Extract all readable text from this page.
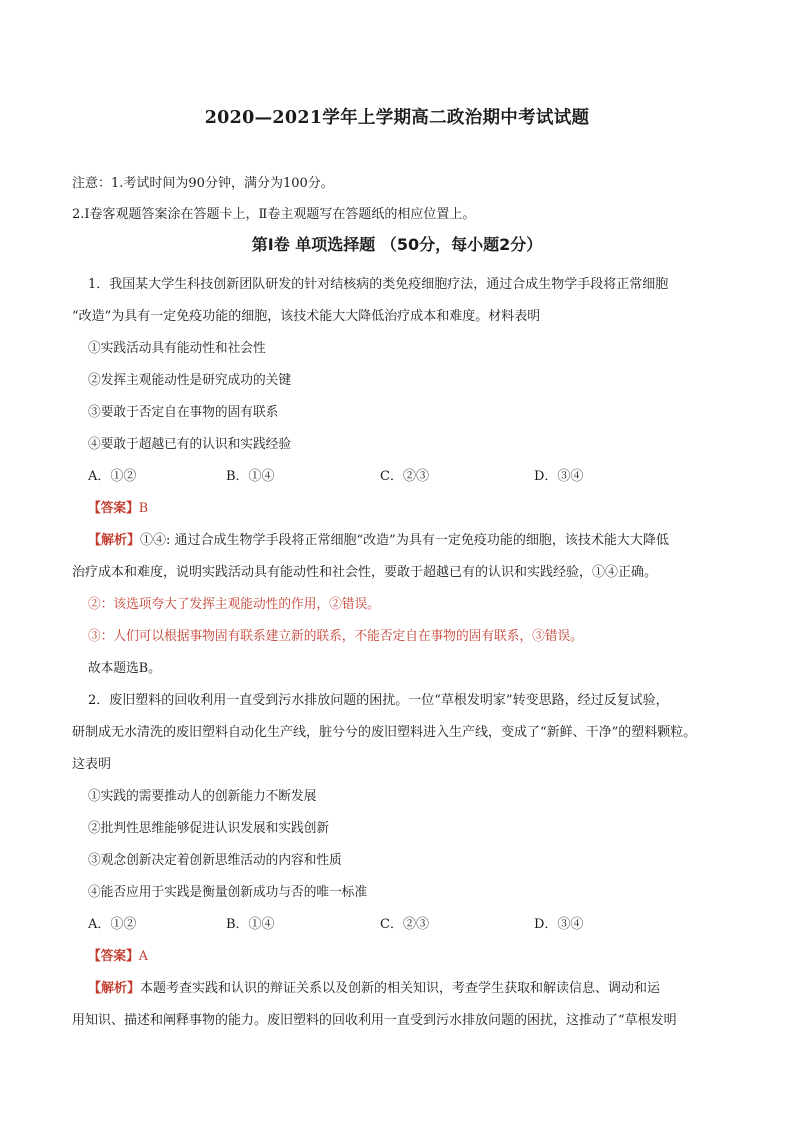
2020—2021学年上学期高二政治期中考试试题
注意：1.考试时间为90分钟，满分为100分。
2.Ⅰ卷客观题答案涂在答题卡上，Ⅱ卷主观题写在答题纸的相应位置上。
第Ⅰ卷 单项选择题 （50分，每小题2分）
1．我国某大学生科技创新团队研发的针对结核病的类免疫细胞疗法，通过合成生物学手段将正常细胞
“改造”为具有一定免疫功能的细胞，该技术能大大降低治疗成本和难度。材料表明
①实践活动具有能动性和社会性
②发挥主观能动性是研究成功的关键
③要敢于否定自在事物的固有联系
④要敢于超越已有的认识和实践经验
A．①②	B．①④	C．②③	D．③④
【答案】B
【解析】①④: 通过合成生物学手段将正常细胞“改造”为具有一定免疫功能的细胞，该技术能大大降低
治疗成本和难度，说明实践活动具有能动性和社会性，要敢于超越已有的认识和实践经验，①④正确。
②：该选项夸大了发挥主观能动性的作用，②错误。
③：人们可以根据事物固有联系建立新的联系，不能否定自在事物的固有联系，③错误。
故本题选B。
2．废旧塑料的回收利用一直受到污水排放问题的困扰。一位“草根发明家”转变思路，经过反复试验，
研制成无水清洗的废旧塑料自动化生产线，脏兮兮的废旧塑料进入生产线，变成了“新鲜、干净”的塑料颗粒。
这表明
①实践的需要推动人的创新能力不断发展
②批判性思维能够促进认识发展和实践创新
③观念创新决定着创新思维活动的内容和性质
④能否应用于实践是衡量创新成功与否的唯一标准
A．①②	B．①④	C．②③	D．③④
【答案】A
【解析】本题考查实践和认识的辩证关系以及创新的相关知识，考查学生获取和解读信息、调动和运
用知识、描述和阐释事物的能力。废旧塑料的回收利用一直受到污水排放问题的困扰，这推动了“草根发明
